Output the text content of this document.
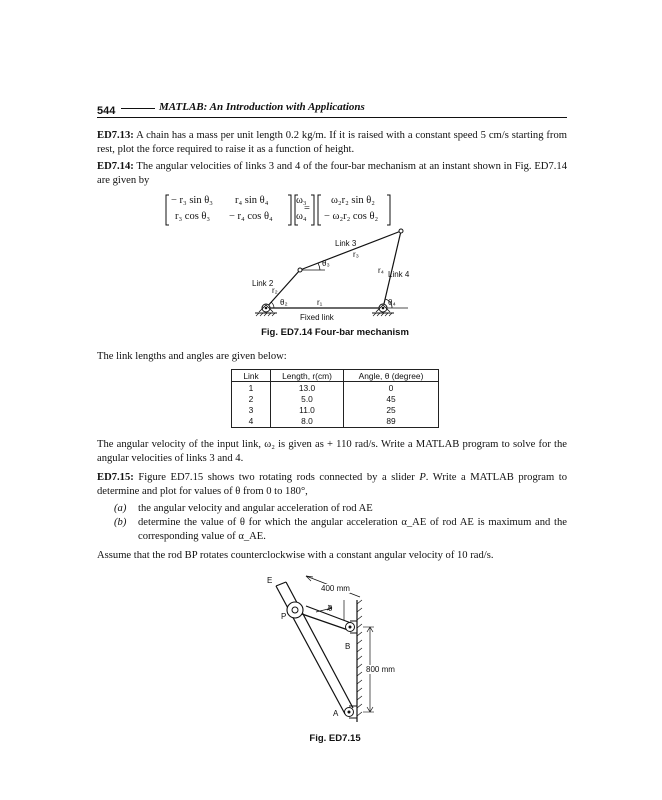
544	MATLAB: An Introduction with Applications
ED7.13: A chain has a mass per unit length 0.2 kg/m. If it is raised with a constant speed 5 cm/s starting from rest, plot the force required to raise it as a function of height.
ED7.14: The angular velocities of links 3 and 4 of the four-bar mechanism at an instant shown in Fig. ED7.14 are given by
− r₃ sin θ₃ r₄ sin θ₄
r₃ cos θ₃ − r₄ cos θ₄
ω₃
ω₄
=
ω₂r₂ sin θ₂
− ω₂r₂ cos θ₂
Link 3
r₃
θ₃
r₄ Link 4
Link 2
r₂
θ₂	r₁	θ₄
Fixed link
Fig. ED7.14 Four-bar mechanism
The link lengths and angles are given below:
Link	Length, r(cm)	Angle, θ (degree)
1	13.0	0
2	5.0	45
3	11.0	25
4	8.0	89
The angular velocity of the input link, ω₂ is given as + 110 rad/s. Write a MATLAB program to solve for the angular velocities of links 3 and 4.
ED7.15: Figure ED7.15 shows two rotating rods connected by a slider P. Write a MATLAB program to determine and plot for values of θ from 0 to 180°,
(a)	the angular velocity and angular acceleration of rod AE
(b)	determine the value of θ for which the angular acceleration α_AE of rod AE is maximum and the corresponding value of α_AE.
Assume that the rod BP rotates counterclockwise with a constant angular velocity of 10 rad/s.
E
400 mm
θ
P
B
800 mm
A
Fig. ED7.15
